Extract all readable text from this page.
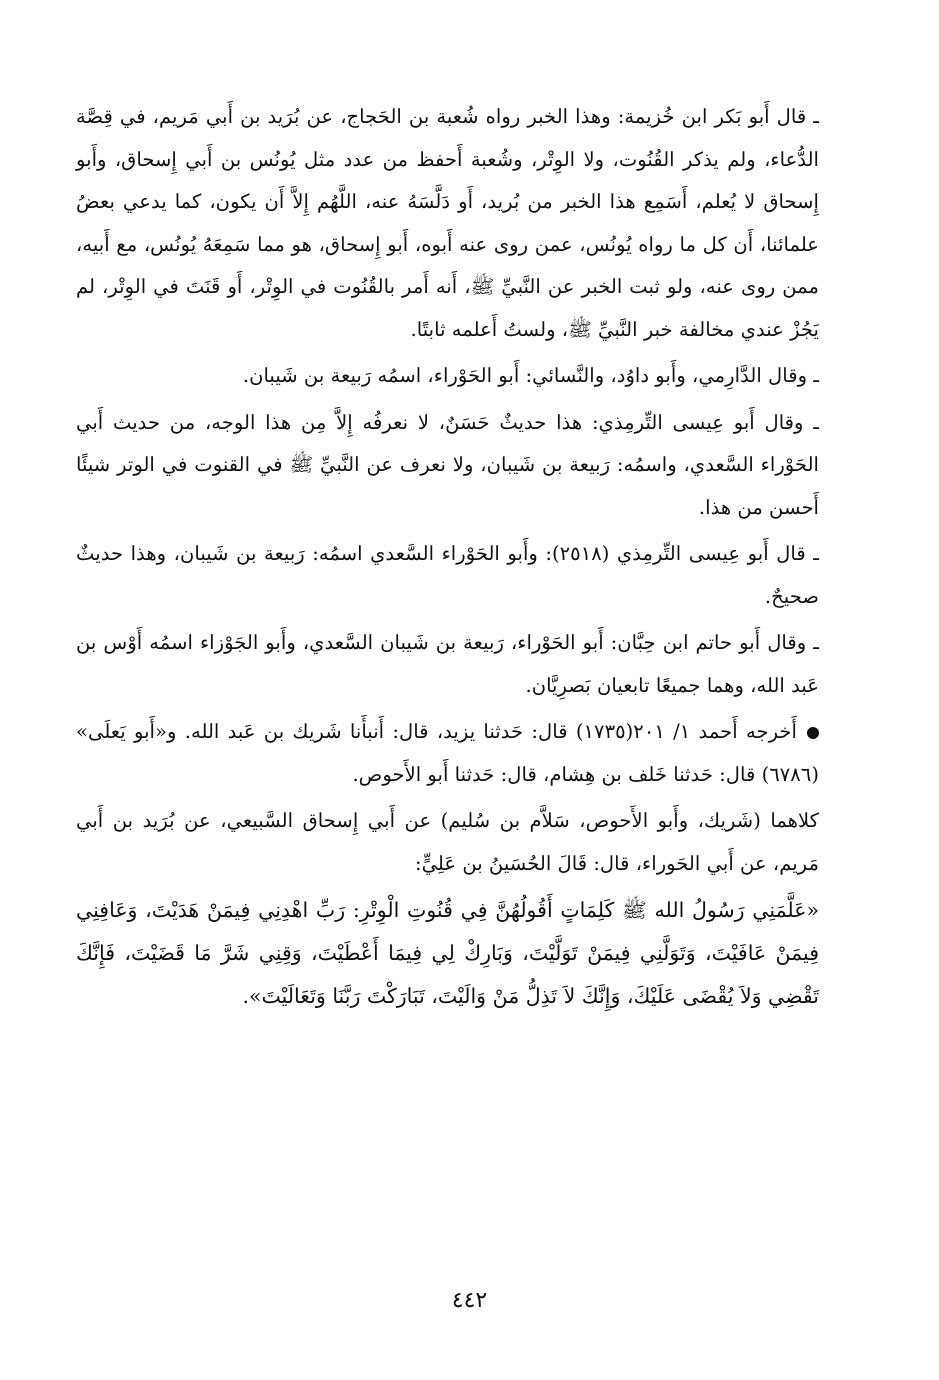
ـ قال أَبو بَكر ابن خُزيمة: وهذا الخبر رواه شُعبة بن الحَجاج، عن بُرَيد بن أَبي مَريم، في قِصَّة الدُّعاء، ولم يذكر القُنُوت، ولا الوِتْر، وشُعبة أَحفظ من عدد مثل يُونُس بن أَبي إِسحاق، وأَبو إِسحاق لا يُعلم، أَسَمِع هذا الخبر من بُريد، أَو دَلَّسَهُ عنه، اللَّهُم إِلاَّ أَن يكون، كما يدعي بعضُ علمائنا، أَن كل ما رواه يُونُس، عمن روى عنه أَبوه، أَبو إِسحاق، هو مما سَمِعَهُ يُونُس، مع أَبيه، ممن روى عنه، ولو ثبت الخبر عن النَّبيِّ ﷺ، أَنه أَمر بالقُنُوت في الوِتْر، أَو قَنَتَ في الوِتْر، لم يَجُزْ عندي مخالفة خبر النَّبيِّ ﷺ، ولستُ أَعلمه ثابتًا.

ـ وقال الدَّارِمي، وأَبو داوُد، والنَّسائي: أَبو الحَوْراء، اسمُه رَبيعة بن شَيبان.

ـ وقال أَبو عِيسى التِّرمِذي: هذا حديثٌ حَسَنٌ، لا نعرفُه إِلاَّ مِن هذا الوجه، من حديث أَبي الحَوْراء السَّعدي، واسمُه: رَبيعة بن شَيبان، ولا نعرف عن النَّبيِّ ﷺ في القنوت في الوتر شيئًا أَحسن من هذا.

ـ قال أَبو عِيسى التِّرمِذي (٢٥١٨): وأَبو الحَوْراء السَّعدي اسمُه: رَبيعة بن شَيبان، وهذا حديثٌ صحيحٌ.

ـ وقال أَبو حاتم ابن حِبَّان: أَبو الحَوْراء، رَبيعة بن شَيبان السَّعدي، وأَبو الجَوْزاء اسمُه أَوْس بن عَبد الله، وهما جميعًا تابعيان بَصرِيَّان.

أَخرجه أَحمد ١/ ٢٠١(١٧٣٥) قال: حَدثنا يزيد، قال: أَنبأَنا شَريك بن عَبد الله. و«أَبو يَعلَى» (٦٧٨٦) قال: حَدثنا خَلف بن هِشام، قال: حَدثنا أَبو الأَحوص.

كلاهما (شَريك، وأَبو الأَحوص، سَلاَّم بن سُليم) عن أَبي إِسحاق السَّبيعي، عن بُرَيد بن أَبي مَريم، عن أَبي الحَوراء، قال: قَالَ الحُسَينُ بن عَلِيٍّ:

«عَلَّمَنِي رَسُولُ الله ﷺ كَلِمَاتٍ أَقُولُهُنَّ فِي قُنُوتِ الْوِتْرِ: رَبِّ اهْدِنِي فِيمَنْ هَدَيْتَ، وَعَافِنِي فِيمَنْ عَافَيْتَ، وَتَوَلَّنِي فِيمَنْ تَوَلَّيْتَ، وَبَارِكْ لِي فِيمَا أَعْطَيْتَ، وَقِنِي شَرَّ مَا قَضَيْتَ، فَإِنَّكَ تَقْضِي وَلاَ يُقْضَى عَلَيْكَ، وَإِنَّكَ لاَ تَذِلُّ مَنْ وَالَيْتَ، تَبَارَكْتَ رَبَّنَا وَتَعَالَيْتَ».

٤٤٢
